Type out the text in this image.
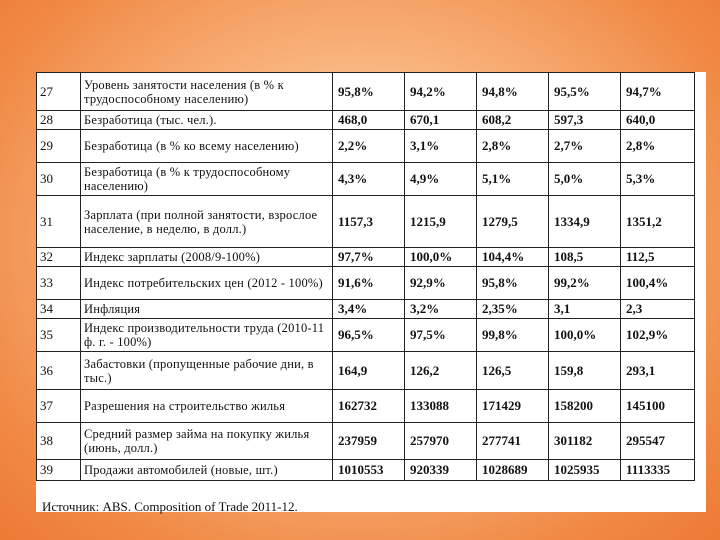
27	Уровень занятости населения (в % к трудоспособному населению)	95,8%	94,2%	94,8%	95,5%	94,7%
28	Безработица (тыс. чел.).	468,0	670,1	608,2	597,3	640,0
29	Безработица (в % ко всему населению)	2,2%	3,1%	2,8%	2,7%	2,8%
30	Безработица (в % к трудоспособному населению)	4,3%	4,9%	5,1%	5,0%	5,3%
31	Зарплата (при полной занятости, взрослое население, в неделю, в долл.)	1157,3	1215,9	1279,5	1334,9	1351,2
32	Индекс зарплаты (2008/9-100%)	97,7%	100,0%	104,4%	108,5	112,5
33	Индекс потребительских цен (2012 - 100%)	91,6%	92,9%	95,8%	99,2%	100,4%
34	Инфляция	3,4%	3,2%	2,35%	3,1	2,3
35	Индекс производительности труда (2010-11 ф. г. - 100%)	96,5%	97,5%	99,8%	100,0%	102,9%
36	Забастовки (пропущенные рабочие дни, в тыс.)	164,9	126,2	126,5	159,8	293,1
37	Разрешения на строительство жилья	162732	133088	171429	158200	145100
38	Средний размер займа на покупку жилья (июнь, долл.)	237959	257970	277741	301182	295547
39	Продажи автомобилей (новые, шт.)	1010553	920339	1028689	1025935	1113335
Источник: ABS. Composition of Trade 2011-12.
